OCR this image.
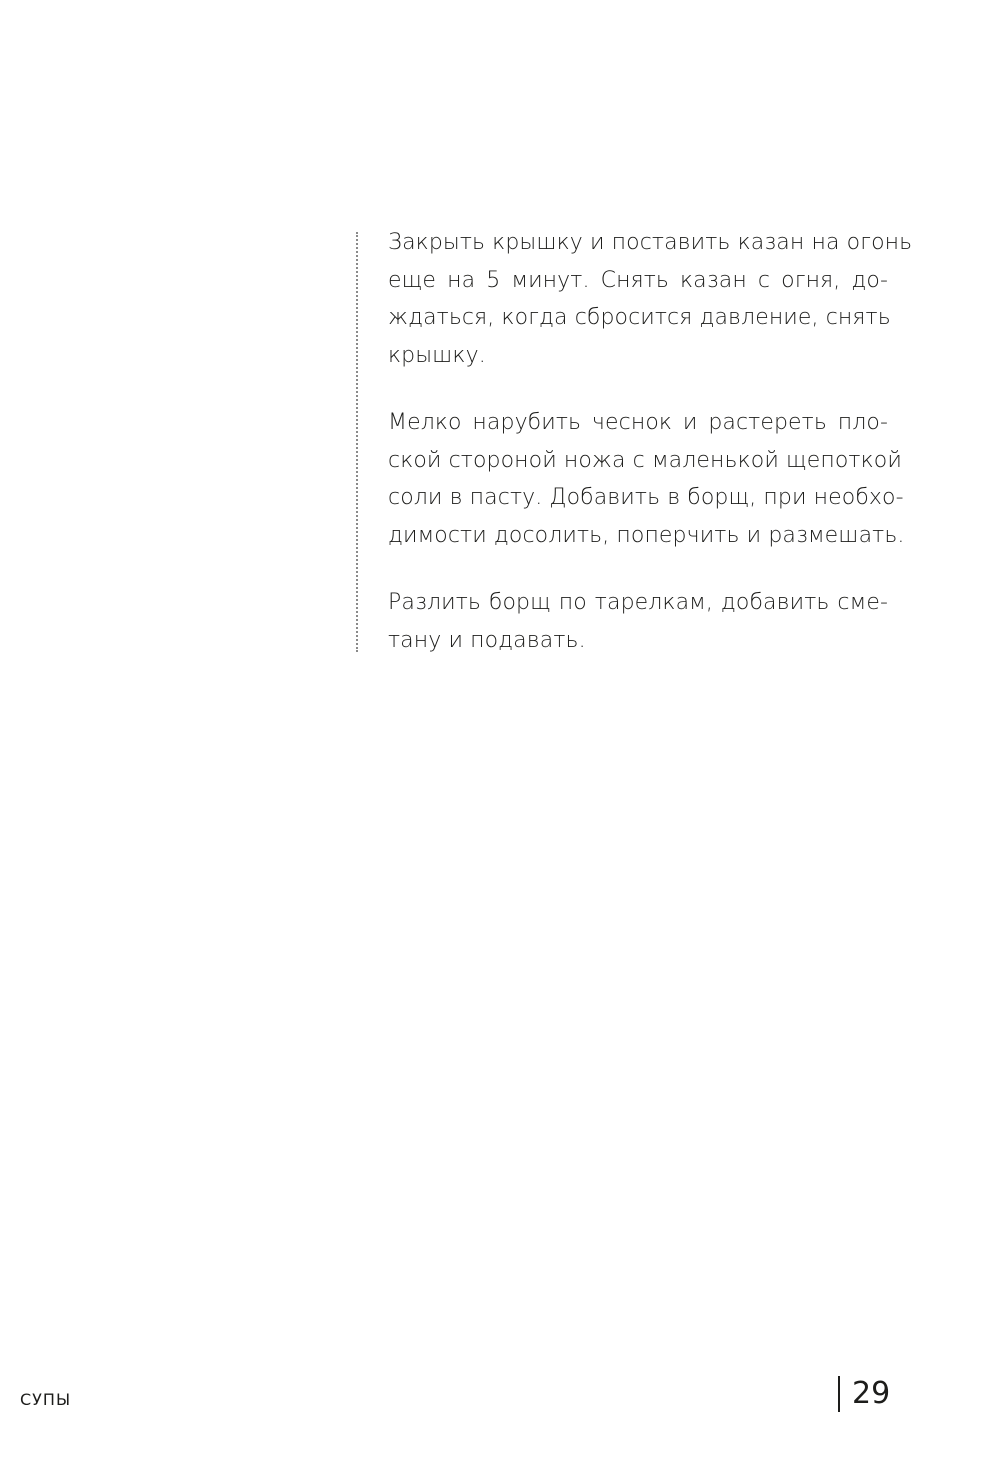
Закрыть крышку и поставить казан на огонь
еще на 5 минут. Снять казан с огня, до-
ждаться, когда сбросится давление, снять
крышку.

Мелко нарубить чеснок и растереть пло-
ской стороной ножа с маленькой щепоткой
соли в пасту. Добавить в борщ, при необхо-
димости досолить, поперчить и размешать.

Разлить борщ по тарелкам, добавить сме-
тану и подавать.

СУПЫ	29
